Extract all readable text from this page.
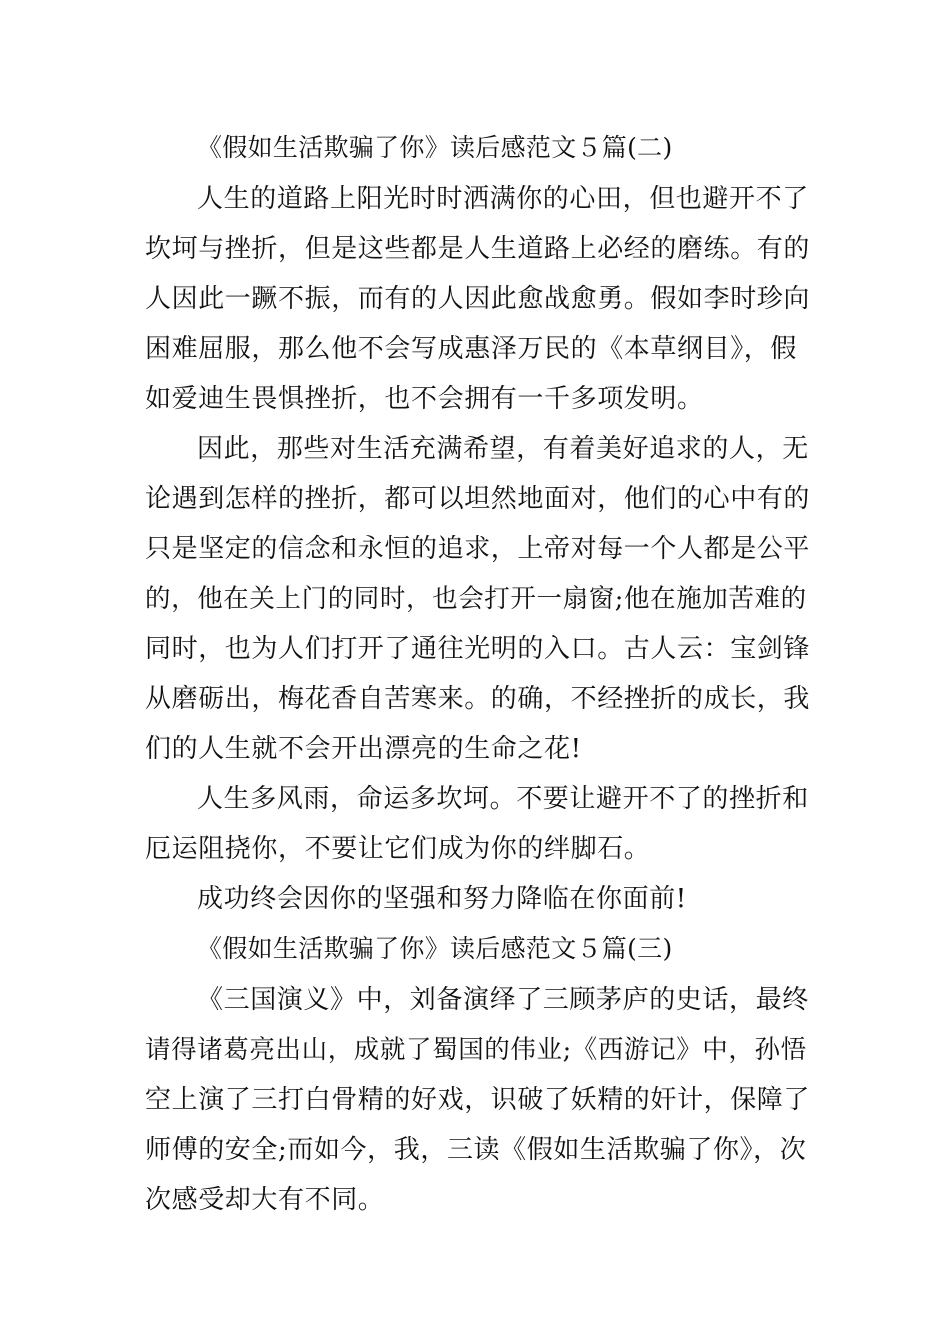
《假如生活欺骗了你》读后感范文５篇(二)

人生的道路上阳光时时洒满你的心田，但也避开不了

坎坷与挫折，但是这些都是人生道路上必经的磨练。有的

人因此一蹶不振，而有的人因此愈战愈勇。假如李时珍向

困难屈服，那么他不会写成惠泽万民的《本草纲目》，假

如爱迪生畏惧挫折，也不会拥有一千多项发明。

因此，那些对生活充满希望，有着美好追求的人，无

论遇到怎样的挫折，都可以坦然地面对，他们的心中有的

只是坚定的信念和永恒的追求，上帝对每一个人都是公平

的，他在关上门的同时，也会打开一扇窗;他在施加苦难的

同时，也为人们打开了通往光明的入口。古人云：宝剑锋

从磨砺出，梅花香自苦寒来。的确，不经挫折的成长，我

们的人生就不会开出漂亮的生命之花!

人生多风雨，命运多坎坷。不要让避开不了的挫折和

厄运阻挠你，不要让它们成为你的绊脚石。

成功终会因你的坚强和努力降临在你面前!

《假如生活欺骗了你》读后感范文５篇(三)

《三国演义》中，刘备演绎了三顾茅庐的史话，最终

请得诸葛亮出山，成就了蜀国的伟业;《西游记》中，孙悟

空上演了三打白骨精的好戏，识破了妖精的奸计，保障了

师傅的安全;而如今，我，三读《假如生活欺骗了你》，次

次感受却大有不同。
